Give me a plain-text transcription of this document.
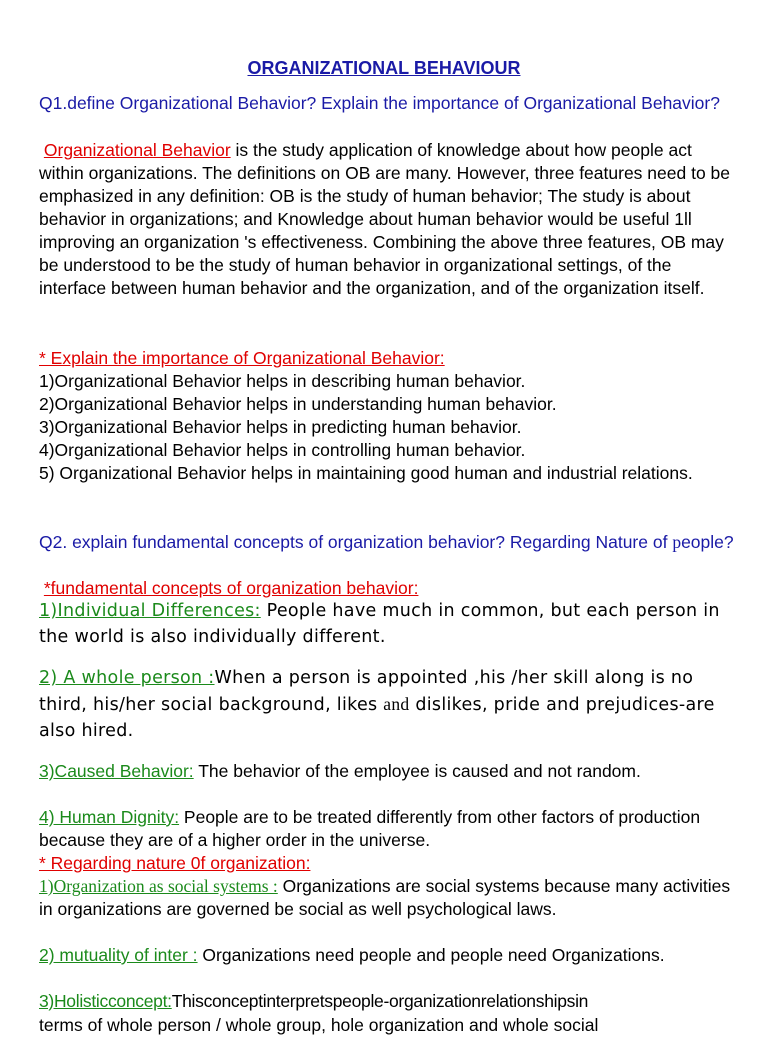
ORGANIZATIONAL BEHAVIOUR
Q1.define Organizational Behavior? Explain the importance of Organizational Behavior?
Organizational Behavior is the study application of knowledge about how people act within organizations. The definitions on OB are many. However, three features need to be emphasized in any definition: OB is the study of human behavior; The study is about behavior in organizations; and Knowledge about human behavior would be useful 1ll improving an organization 's effectiveness. Combining the above three features, OB may be understood to be the study of human behavior in organizational settings, of the interface between human behavior and the organization, and of the organization itself.
* Explain the importance of Organizational Behavior:
1)Organizational Behavior helps in describing human behavior.
2)Organizational Behavior helps in understanding human behavior.
3)Organizational Behavior helps in predicting human behavior.
4)Organizational Behavior helps in controlling human behavior.
5) Organizational Behavior helps in maintaining good human and industrial relations.
Q2. explain fundamental concepts of organization behavior? Regarding Nature of people?
*fundamental concepts of organization behavior:
1)Individual Differences: People have much in common, but each person in the world is also individually different.
2) A whole person :When a person is appointed ,his /her skill along is no third, his/her social background, likes and dislikes, pride and prejudices-are also hired.
3)Caused Behavior: The behavior of the employee is caused and not random.
4) Human Dignity: People are to be treated differently from other factors of production because they are of a higher order in the universe.
* Regarding nature 0f organization:
1)Organization as social systems : Organizations are social systems because many activities in organizations are governed be social as well psychological laws.
2) mutuality of inter : Organizations need people and people need Organizations.
3)Holisticconcept:Thisconceptinterpretspeople-organizationrelationshipsin
terms of whole person / whole group, hole organization and whole social
